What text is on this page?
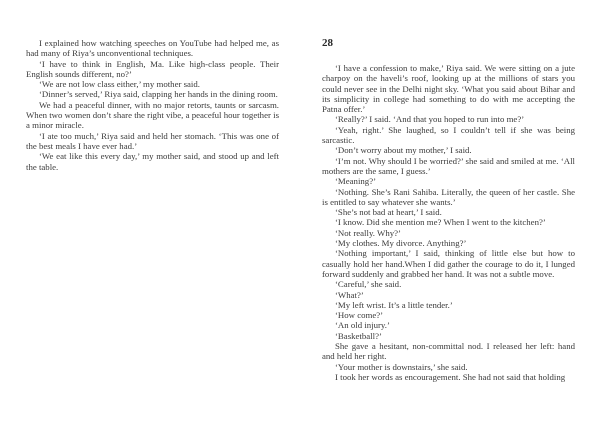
I explained how watching speeches on YouTube had helped me, as had many of Riya’s unconventional techniques.

‘I have to think in English, Ma. Like high-class people. Their English sounds different, no?’

‘We are not low class either,’ my mother said.

‘Dinner’s served,’ Riya said, clapping her hands in the dining room.

We had a peaceful dinner, with no major retorts, taunts or sarcasm. When two women don’t share the right vibe, a peaceful hour together is a minor miracle.

‘I ate too much,’ Riya said and held her stomach. ‘This was one of the best meals I have ever had.’

‘We eat like this every day,’ my mother said, and stood up and left the table.

28

‘I have a confession to make,’ Riya said. We were sitting on a jute charpoy on the haveli’s roof, looking up at the millions of stars you could never see in the Delhi night sky. ‘What you said about Bihar and its simplicity in college had something to do with me accepting the Patna offer.’

‘Really?’ I said. ‘And that you hoped to run into me?’

‘Yeah, right.’ She laughed, so I couldn’t tell if she was being sarcastic.

‘Don’t worry about my mother,’ I said.

‘I’m not. Why should I be worried?’ she said and smiled at me. ‘All mothers are the same, I guess.’

‘Meaning?’

‘Nothing. She’s Rani Sahiba. Literally, the queen of her castle. She is entitled to say whatever she wants.’

‘She’s not bad at heart,’ I said.

‘I know. Did she mention me? When I went to the kitchen?’

‘Not really. Why?’

‘My clothes. My divorce. Anything?’

‘Nothing important,’ I said, thinking of little else but how to casually hold her hand.When I did gather the courage to do it, I lunged forward suddenly and grabbed her hand. It was not a subtle move.

‘Careful,’ she said.

‘What?’

‘My left wrist. It’s a little tender.’

‘How come?’

‘An old injury.’

‘Basketball?’

She gave a hesitant, non-committal nod. I released her left: hand and held her right.

‘Your mother is downstairs,’ she said.

I took her words as encouragement. She had not said that holding
